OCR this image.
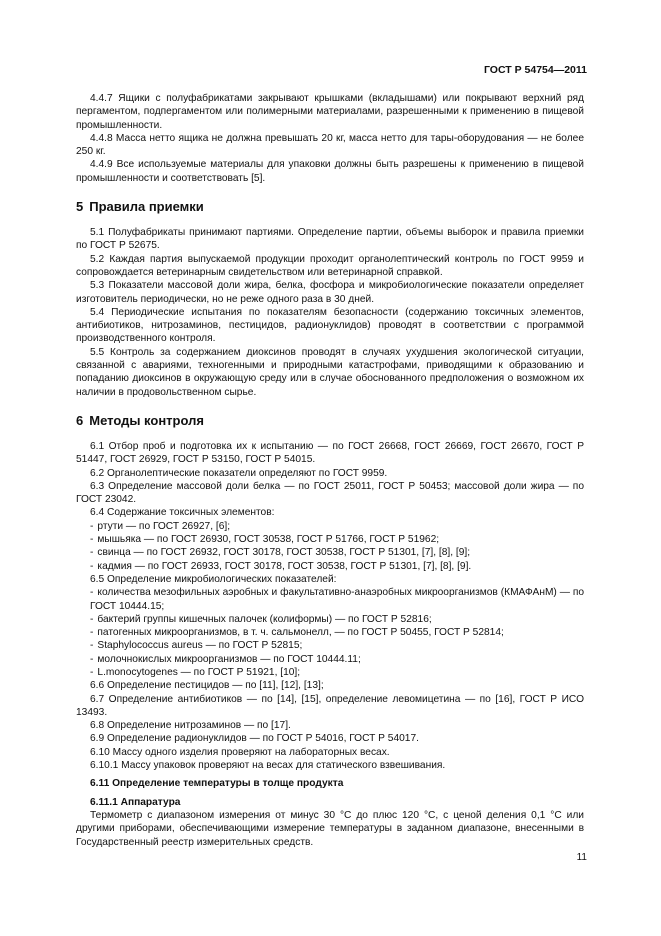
ГОСТ Р 54754—2011

4.4.7 Ящики с полуфабрикатами закрывают крышками (вкладышами) или покрывают верхний ряд пергаментом, подпергаментом или полимерными материалами, разрешенными к применению в пищевой промышленности.

4.4.8 Масса нетто ящика не должна превышать 20 кг, масса нетто для тары-оборудования — не более 250 кг.

4.4.9 Все используемые материалы для упаковки должны быть разрешены к применению в пищевой промышленности и соответствовать [5].

5 Правила приемки

5.1 Полуфабрикаты принимают партиями. Определение партии, объемы выборок и правила приемки по ГОСТ Р 52675.

5.2 Каждая партия выпускаемой продукции проходит органолептический контроль по ГОСТ 9959 и сопровождается ветеринарным свидетельством или ветеринарной справкой.

5.3 Показатели массовой доли жира, белка, фосфора и микробиологические показатели определяет изготовитель периодически, но не реже одного раза в 30 дней.

5.4 Периодические испытания по показателям безопасности (содержанию токсичных элементов, антибиотиков, нитрозаминов, пестицидов, радионуклидов) проводят в соответствии с программой производственного контроля.

5.5 Контроль за содержанием диоксинов проводят в случаях ухудшения экологической ситуации, связанной с авариями, техногенными и природными катастрофами, приводящими к образованию и попаданию диоксинов в окружающую среду или в случае обоснованного предположения о возможном их наличии в продовольственном сырье.

6 Методы контроля

6.1 Отбор проб и подготовка их к испытанию — по ГОСТ 26668, ГОСТ 26669, ГОСТ 26670, ГОСТ Р 51447, ГОСТ 26929, ГОСТ Р 53150, ГОСТ Р 54015.

6.2 Органолептические показатели определяют по ГОСТ 9959.

6.3 Определение массовой доли белка — по ГОСТ 25011, ГОСТ Р 50453; массовой доли жира — по ГОСТ 23042.

6.4 Содержание токсичных элементов:

- ртути — по ГОСТ 26927, [6];

- мышьяка — по ГОСТ 26930, ГОСТ 30538, ГОСТ Р 51766, ГОСТ Р 51962;

- свинца — по ГОСТ 26932, ГОСТ 30178, ГОСТ 30538, ГОСТ Р 51301, [7], [8], [9];

- кадмия — по ГОСТ 26933, ГОСТ 30178, ГОСТ 30538, ГОСТ Р 51301, [7], [8], [9].

6.5 Определение микробиологических показателей:

- количества мезофильных аэробных и факультативно-анаэробных микроорганизмов (КМАФАнМ) — по ГОСТ 10444.15;

- бактерий группы кишечных палочек (колиформы) — по ГОСТ Р 52816;

- патогенных микроорганизмов, в т. ч. сальмонелл, — по ГОСТ Р 50455, ГОСТ Р 52814;

- Staphylococcus aureus — по ГОСТ Р 52815;

- молочнокислых микроорганизмов — по ГОСТ 10444.11;

- L.monocytogenes — по ГОСТ Р 51921, [10];

6.6 Определение пестицидов — по [11], [12], [13];

6.7 Определение антибиотиков — по [14], [15], определение левомицетина — по [16], ГОСТ Р ИСО 13493.

6.8 Определение нитрозаминов — по [17].

6.9 Определение радионуклидов — по ГОСТ Р 54016, ГОСТ Р 54017.

6.10 Массу одного изделия проверяют на лабораторных весах.

6.10.1 Массу упаковок проверяют на весах для статического взвешивания.

6.11 Определение температуры в толще продукта

6.11.1 Аппаратура

Термометр с диапазоном измерения от минус 30 °С до плюс 120 °С, с ценой деления 0,1 °С или другими приборами, обеспечивающими измерение температуры в заданном диапазоне, внесенными в Государственный реестр измерительных средств.

11
